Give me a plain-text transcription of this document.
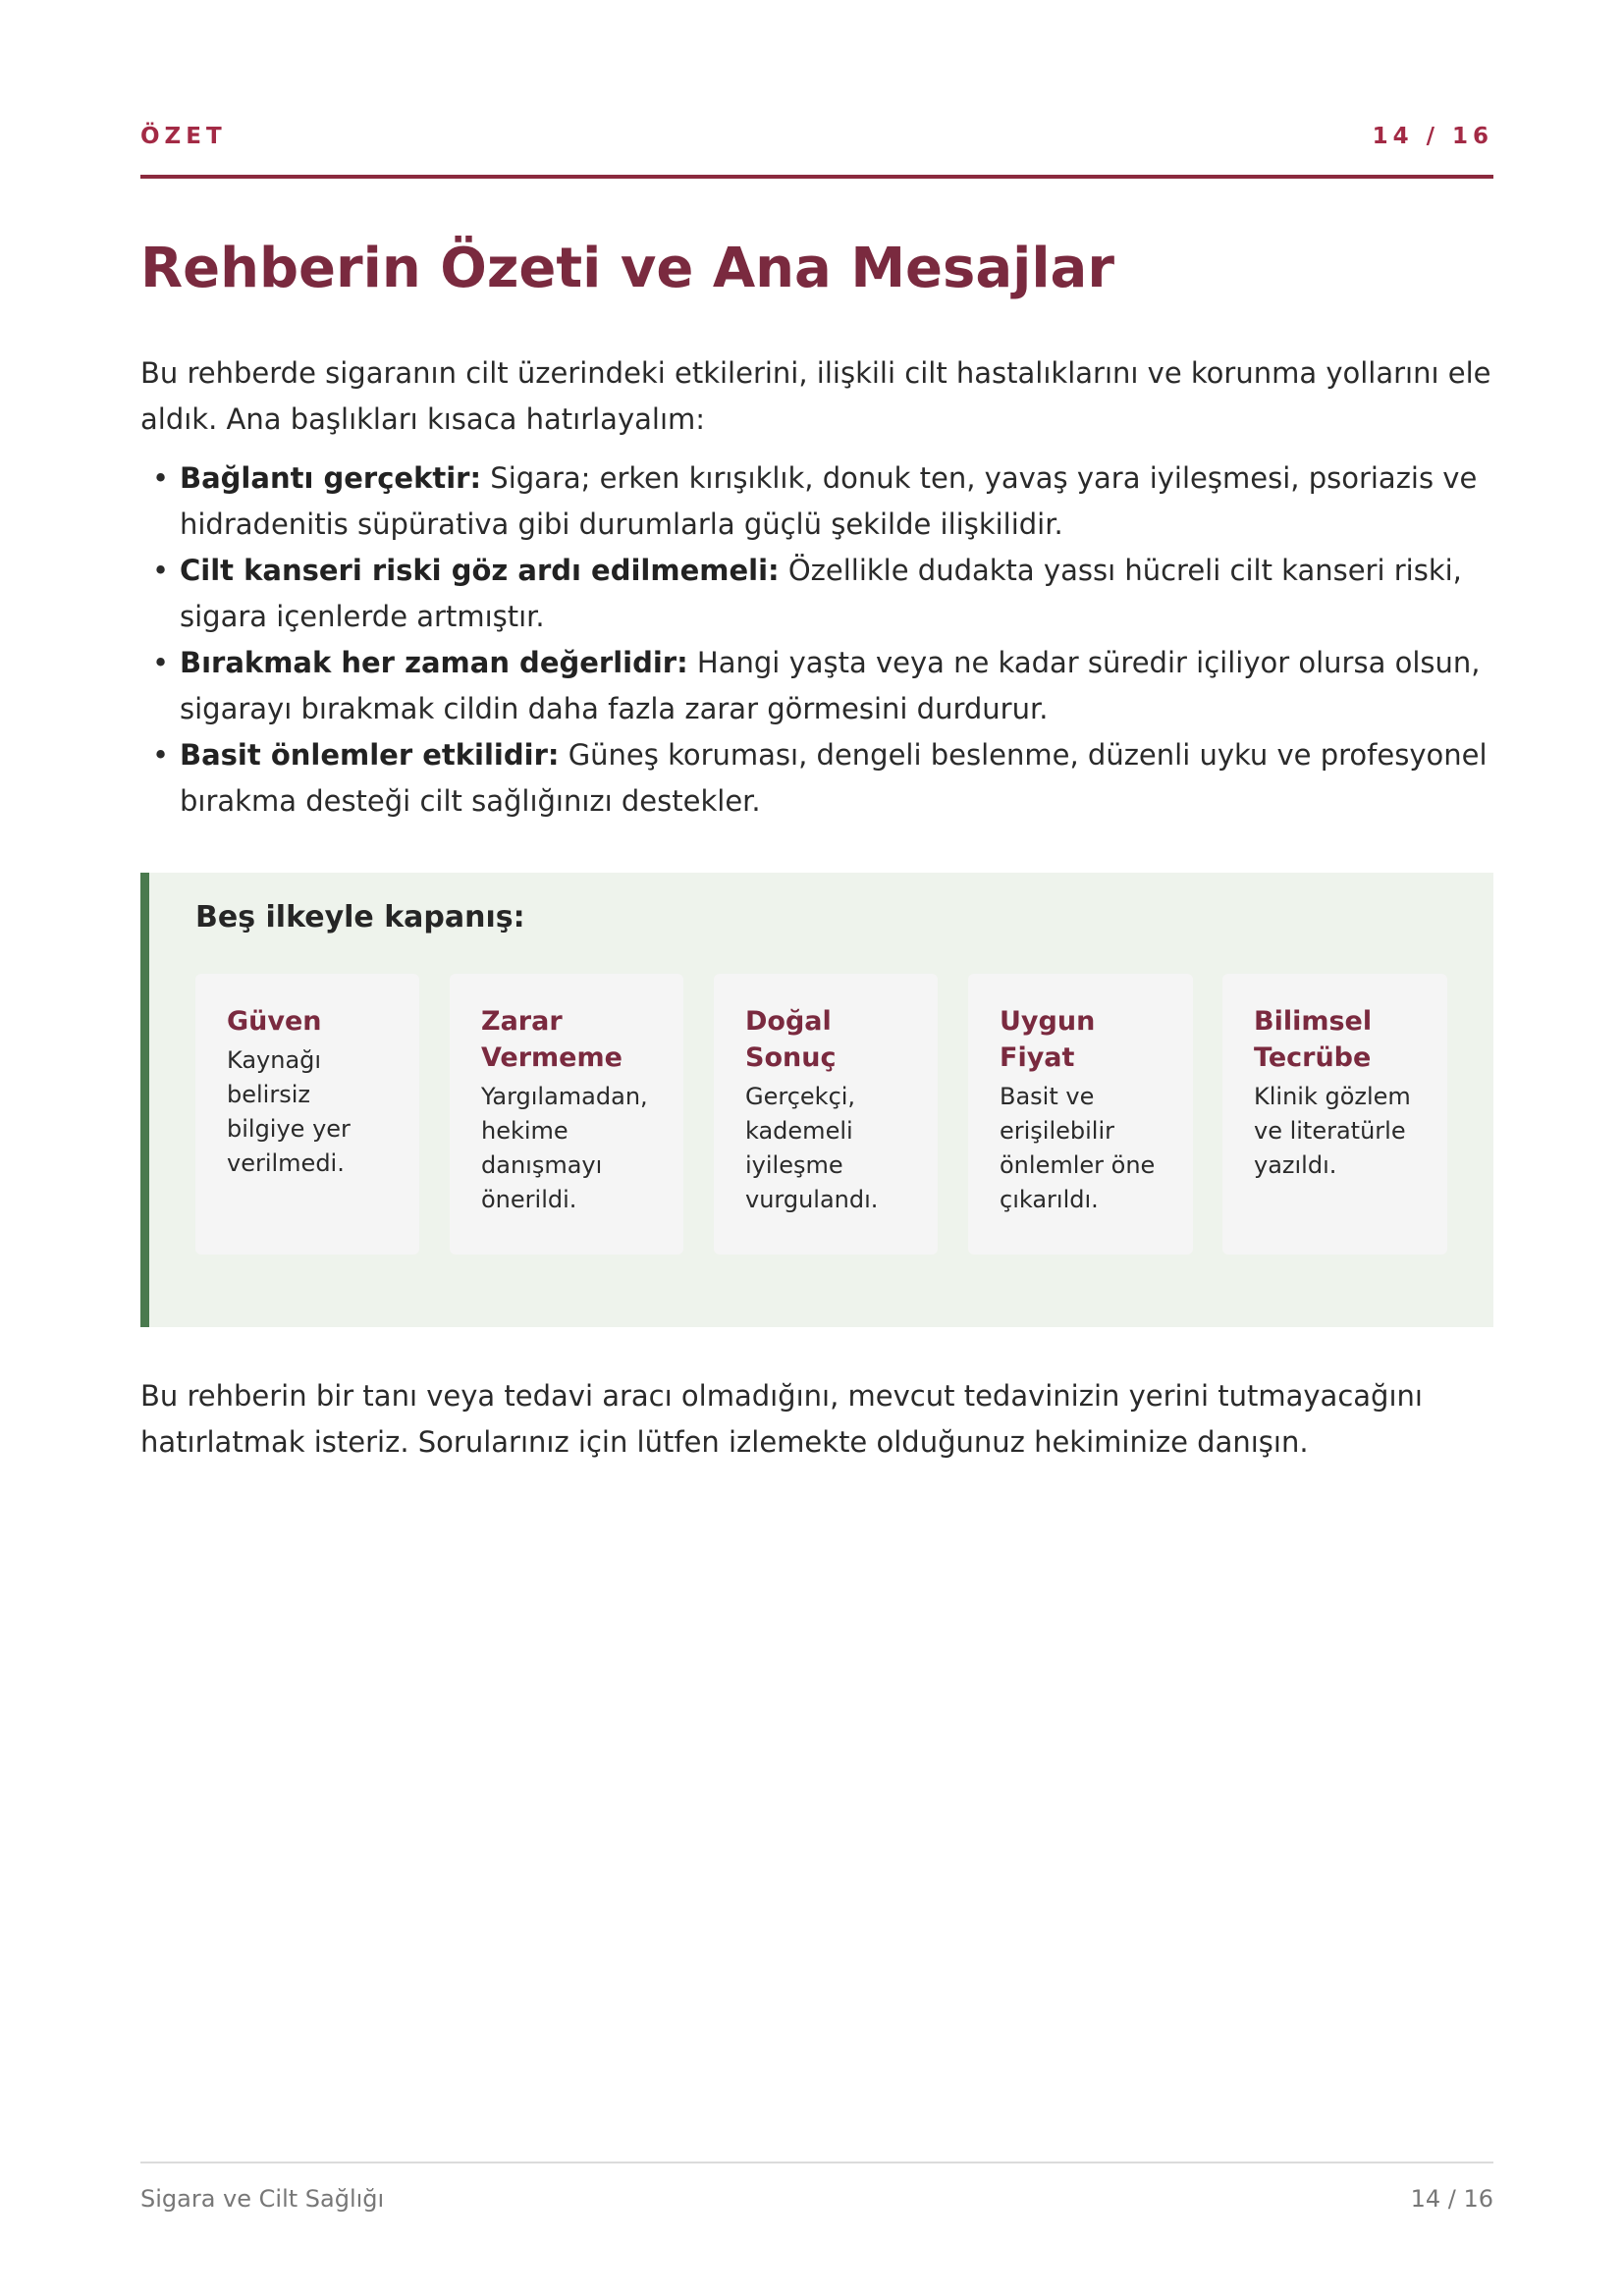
ÖZET	14 / 16
Rehberin Özeti ve Ana Mesajlar

Bu rehberde sigaranın cilt üzerindeki etkilerini, ilişkili cilt hastalıklarını ve korunma yollarını ele aldık. Ana başlıkları kısaca hatırlayalım:

• Bağlantı gerçektir: Sigara; erken kırışıklık, donuk ten, yavaş yara iyileşmesi, psoriazis ve hidradenitis süpürativa gibi durumlarla güçlü şekilde ilişkilidir.
• Cilt kanseri riski göz ardı edilmemeli: Özellikle dudakta yassı hücreli cilt kanseri riski, sigara içenlerde artmıştır.
• Bırakmak her zaman değerlidir: Hangi yaşta veya ne kadar süredir içiliyor olursa olsun, sigarayı bırakmak cildin daha fazla zarar görmesini durdurur.
• Basit önlemler etkilidir: Güneş koruması, dengeli beslenme, düzenli uyku ve profesyonel bırakma desteği cilt sağlığınızı destekler.

Beş ilkeyle kapanış:

Güven
Kaynağı belirsiz bilgiye yer verilmedi.
Zarar Vermeme
Yargılamadan, hekime danışmayı önerildi.
Doğal Sonuç
Gerçekçi, kademeli iyileşme vurgulandı.
Uygun Fiyat
Basit ve erişilebilir önlemler öne çıkarıldı.
Bilimsel Tecrübe
Klinik gözlem ve literatürle yazıldı.

Bu rehberin bir tanı veya tedavi aracı olmadığını, mevcut tedavinizin yerini tutmayacağını hatırlatmak isteriz. Sorularınız için lütfen izlemekte olduğunuz hekiminize danışın.

Sigara ve Cilt Sağlığı	14 / 16
